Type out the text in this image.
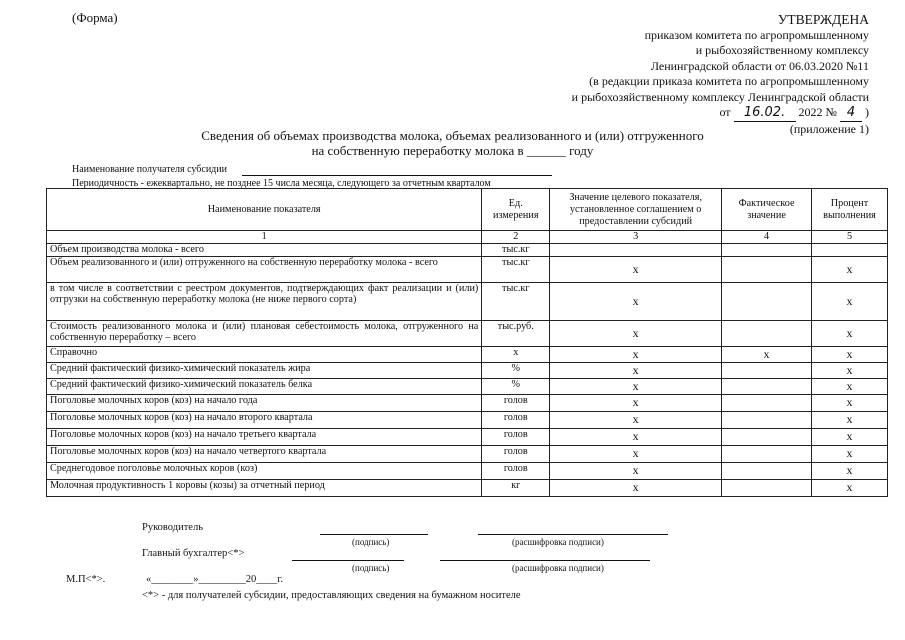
(Форма)	УТВЕРЖДЕНА
приказом комитета по агропромышленному
и рыбохозяйственному комплексу
Ленинградской области от 06.03.2020 №11
(в редакции приказа комитета по агропромышленному
и рыбохозяйственному комплексу Ленинградской области
от 16.02. 2022 № 4 )
(приложение 1)
Сведения об объемах производства молока, объемах реализованного и (или) отгруженного
на собственную переработку молока в ______ году
Наименование получателя субсидии
Периодичность - ежеквартально, не позднее 15 числа месяца, следующего за отчетным кварталом
Наименование показателя	Ед. измерения	Значение целевого показателя, установленное соглашением о предоставлении субсидий	Фактическое значение	Процент выполнения
1	2	3	4	5
Объем производства молока - всего	тыс.кг			
Объем реализованного и (или) отгруженного на собственную переработку молока - всего	тыс.кг	x		x
в том числе в соответствии с реестром документов, подтверждающих факт реализации и (или) отгрузки на собственную переработку молока (не ниже первого сорта)	тыс.кг	x		x
Стоимость реализованного молока и (или) плановая себестоимость молока, отгруженного на собственную переработку – всего	тыс.руб.	x		x
Справочно	x	x	x	x
Средний фактический физико-химический показатель жира	%	x		x
Средний фактический физико-химический показатель белка	%	x		x
Поголовье молочных коров (коз) на начало года	голов	x		x
Поголовье молочных коров (коз) на начало второго квартала	голов	x		x
Поголовье молочных коров (коз) на начало третьего квартала	голов	x		x
Поголовье молочных коров (коз) на начало четвертого квартала	голов	x		x
Среднегодовое поголовье молочных коров (коз)	голов	x		x
Молочная продуктивность 1 коровы (козы) за отчетный период	кг	x		x
Руководитель
(подпись)	(расшифровка подписи)
Главный бухгалтер<*>
(подпись)	(расшифровка подписи)
М.П<*>.	«________»_________20____г.
<*> - для получателей субсидии, предоставляющих сведения на бумажном носителе
